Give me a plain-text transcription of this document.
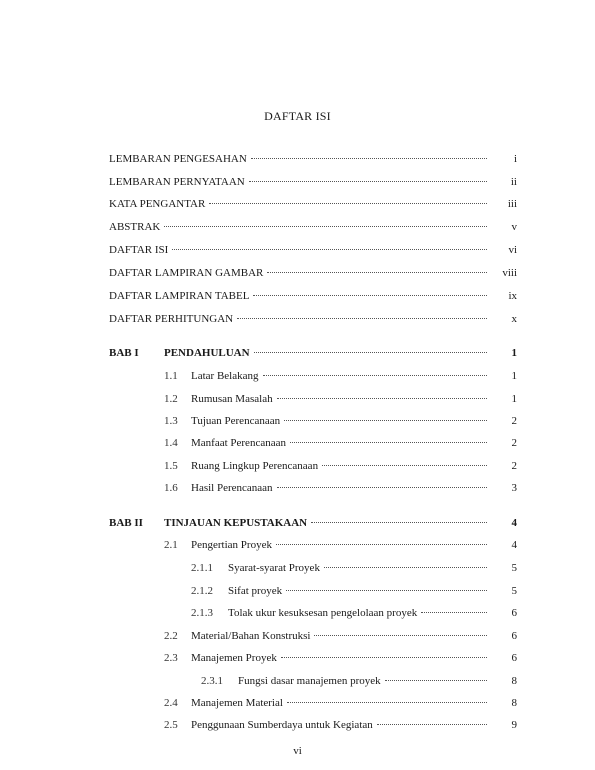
DAFTAR ISI
LEMBARAN PENGESAHAN	i
LEMBARAN PERNYATAAN	ii
KATA PENGANTAR	iii
ABSTRAK	v
DAFTAR ISI	vi
DAFTAR LAMPIRAN GAMBAR	viii
DAFTAR LAMPIRAN TABEL	ix
DAFTAR PERHITUNGAN	x
BAB I PENDAHULUAN	1
1.1 Latar Belakang	1
1.2 Rumusan Masalah	1
1.3 Tujuan Perencanaan	2
1.4 Manfaat Perencanaan	2
1.5 Ruang Lingkup Perencanaan	2
1.6 Hasil Perencanaan	3
BAB II TINJAUAN KEPUSTAKAAN	4
2.1 Pengertian Proyek	4
2.1.1 Syarat-syarat Proyek	5
2.1.2 Sifat proyek	5
2.1.3 Tolak ukur kesuksesan pengelolaan proyek	6
2.2 Material/Bahan Konstruksi	6
2.3 Manajemen Proyek	6
2.3.1 Fungsi dasar manajemen proyek	8
2.4 Manajemen Material	8
2.5 Penggunaan Sumberdaya untuk Kegiatan	9
vi
